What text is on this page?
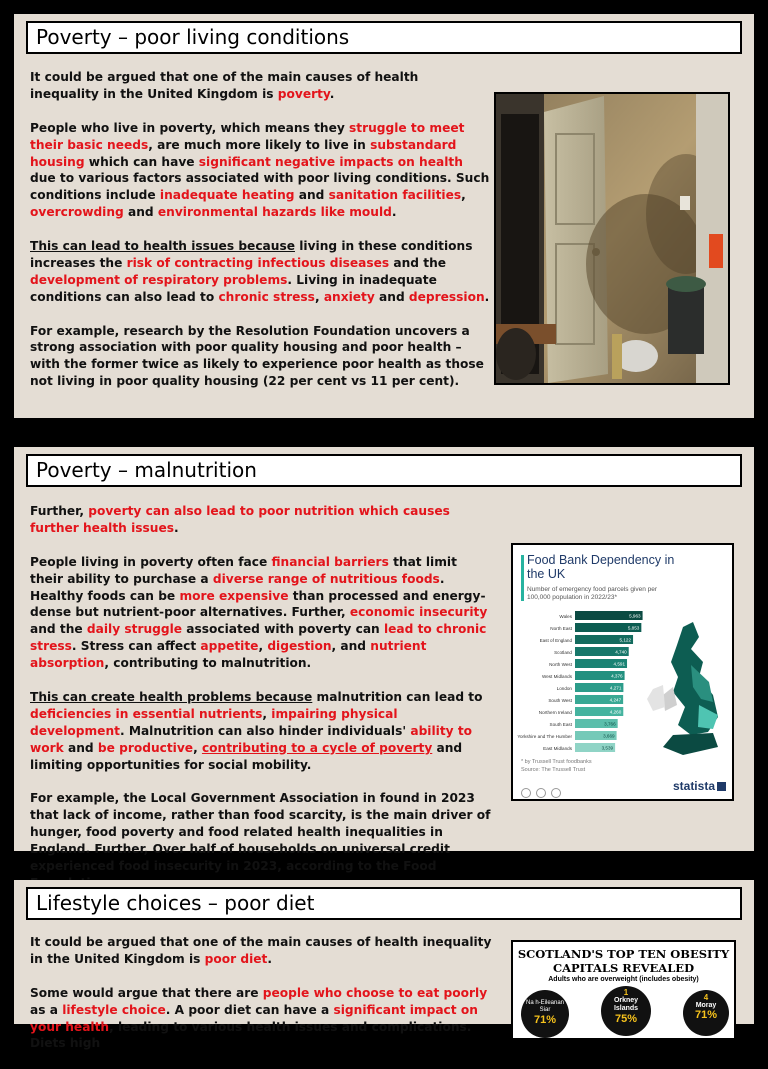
Poverty – poor living conditions

It could be argued that one of the main causes of health inequality in the United Kingdom is poverty.

People who live in poverty, which means they struggle to meet their basic needs, are much more likely to live in substandard housing which can have significant negative impacts on health due to various factors associated with poor living conditions. Such conditions include inadequate heating and sanitation facilities, overcrowding and environmental hazards like mould.

This can lead to health issues because living in these conditions increases the risk of contracting infectious diseases and the development of respiratory problems. Living in inadequate conditions can also lead to chronic stress, anxiety and depression.

For example, research by the Resolution Foundation uncovers a strong association with poor quality housing and poor health – with the former twice as likely to experience poor health as those not living in poor quality housing (22 per cent vs 11 per cent).

Poverty – malnutrition

Further, poverty can also lead to poor nutrition which causes further health issues.

People living in poverty often face financial barriers that limit their ability to purchase a diverse range of nutritious foods. Healthy foods can be more expensive than processed and energy-dense but nutrient-poor alternatives. Further, economic insecurity and the daily struggle associated with poverty can lead to chronic stress. Stress can affect appetite, digestion, and nutrient absorption, contributing to malnutrition.

This can create health problems because malnutrition can lead to deficiencies in essential nutrients, impairing physical development. Malnutrition can also hinder individuals' ability to work and be productive, contributing to a cycle of poverty and limiting opportunities for social mobility.

For example, the Local Government Association in found in 2023 that lack of income, rather than food scarcity, is the main driver of hunger, food poverty and food related health inequalities in England. Further, Over half of households on universal credit experienced food insecurity in 2023, according to the Food

Food Bank Dependency in the UK
Number of emergency food parcels given per 100,000 population in 2022/23*
Wales	5,963
North East	5,853
East of England	5,122
Scotland	4,740
North West	4,591
West Midlands	4,376
London	4,271
South West	4,247
Northern Ireland	4,260
South East	3,766
Yorkshire and The Humber	3,669
East Midlands	3,539
* by Trussell Trust foodbanks
Source: The Trussell Trust

statista
Lifestyle choices – poor diet

It could be argued that one of the main causes of health inequality in the United Kingdom is poor diet.

Some would argue that there are people who choose to eat poorly as a lifestyle choice. A poor diet can have a significant impact on your health, leading to various health issues and complications. Diets high

SCOTLAND'S TOP TEN OBESITY
CAPITALS REVEALED
Adults who are overweight (includes obesity)
Na h-Eileanan Siar
71%
1
Orkney Islands
75%
4
Moray
71%
